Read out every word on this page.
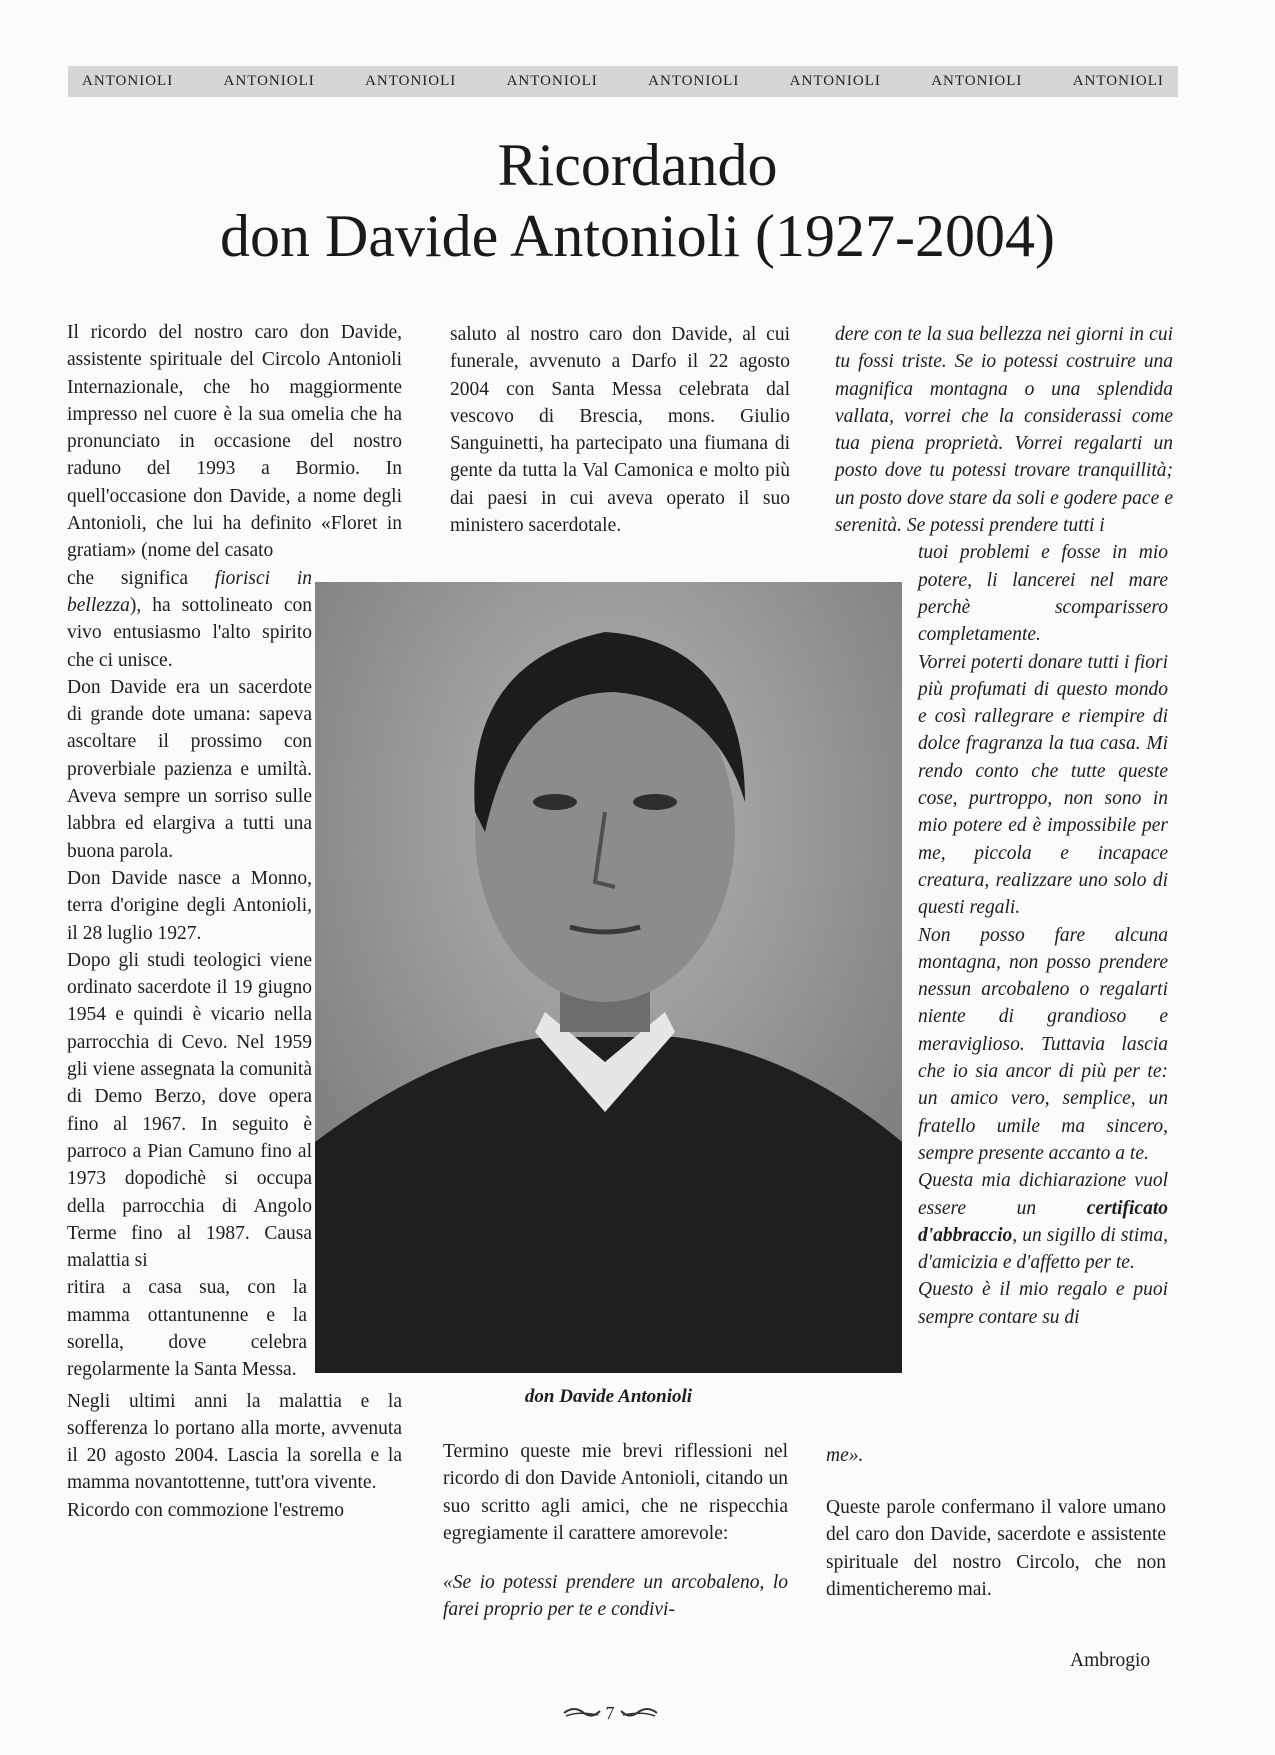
ANTONIOLI	ANTONIOLI	ANTONIOLI	ANTONIOLI	ANTONIOLI	ANTONIOLI	ANTONIOLI	ANTONIOLI
Ricordando
don Davide Antonioli (1927-2004)

Il ricordo del nostro caro don Davide, assistente spirituale del Circolo Antonioli Internazionale, che ho maggiormente impresso nel cuore è la sua omelia che ha pronunciato in occasione del nostro raduno del 1993 a Bormio. In quell'occasione don Davide, a nome degli Antonioli, che lui ha definito «Floret in gratiam» (nome del casato

che significa fiorisci in bellezza), ha sottolineato con vivo entusiasmo l'alto spirito che ci unisce.

Don Davide era un sacerdote di grande dote umana: sapeva ascoltare il prossimo con proverbiale pazienza e umiltà. Aveva sempre un sorriso sulle labbra ed elargiva a tutti una buona parola.

Don Davide nasce a Monno, terra d'origine degli Antonioli, il 28 luglio 1927.

Dopo gli studi teologici viene ordinato sacerdote il 19 giugno 1954 e quindi è vicario nella parrocchia di Cevo. Nel 1959 gli viene assegnata la comunità di Demo Berzo, dove opera fino al 1967. In seguito è parroco a Pian Camuno fino al 1973 dopodichè si occupa della parrocchia di Angolo Terme fino al 1987. Causa malattia si

ritira a casa sua, con la mamma ottantunenne e la sorella, dove celebra regolarmente la Santa Messa.

Negli ultimi anni la malattia e la sofferenza lo portano alla morte, avvenuta il 20 agosto 2004. Lascia la sorella e la mamma novantottenne, tutt'ora vivente.

Ricordo con commozione l'estremo

saluto al nostro caro don Davide, al cui funerale, avvenuto a Darfo il 22 agosto 2004 con Santa Messa celebrata dal vescovo di Brescia, mons. Giulio Sanguinetti, ha partecipato una fiumana di gente da tutta la Val Camonica e molto più dai paesi in cui aveva operato il suo ministero sacerdotale.

dere con te la sua bellezza nei giorni in cui tu fossi triste. Se io potessi costruire una magnifica montagna o una splendida vallata, vorrei che la considerassi come tua piena proprietà. Vorrei regalarti un posto dove tu potessi trovare tranquillità; un posto dove stare da soli e godere pace e serenità. Se potessi prendere tutti i

tuoi problemi e fosse in mio potere, li lancerei nel mare perchè scomparissero completamente.

Vorrei poterti donare tutti i fiori più profumati di questo mondo e così rallegrare e riempire di dolce fragranza la tua casa. Mi rendo conto che tutte queste cose, purtroppo, non sono in mio potere ed è impossibile per me, piccola e incapace creatura, realizzare uno solo di questi regali.

Non posso fare alcuna montagna, non posso prendere nessun arcobaleno o regalarti niente di grandioso e meraviglioso. Tuttavia lascia che io sia ancor di più per te: un amico vero, semplice, un fratello umile ma sincero, sempre presente accanto a te.

Questa mia dichiarazione vuol essere un certificato d'abbraccio, un sigillo di stima, d'amicizia e d'affetto per te.

Questo è il mio regalo e puoi sempre contare su di

don Davide Antonioli

Termino queste mie brevi riflessioni nel ricordo di don Davide Antonioli, citando un suo scritto agli amici, che ne rispecchia egregiamente il carattere amorevole:

«Se io potessi prendere un arcobaleno, lo farei proprio per te e condivi-

me».

Queste parole confermano il valore umano del caro don Davide, sacerdote e assistente spirituale del nostro Circolo, che non dimenticheremo mai.

Ambrogio
7
